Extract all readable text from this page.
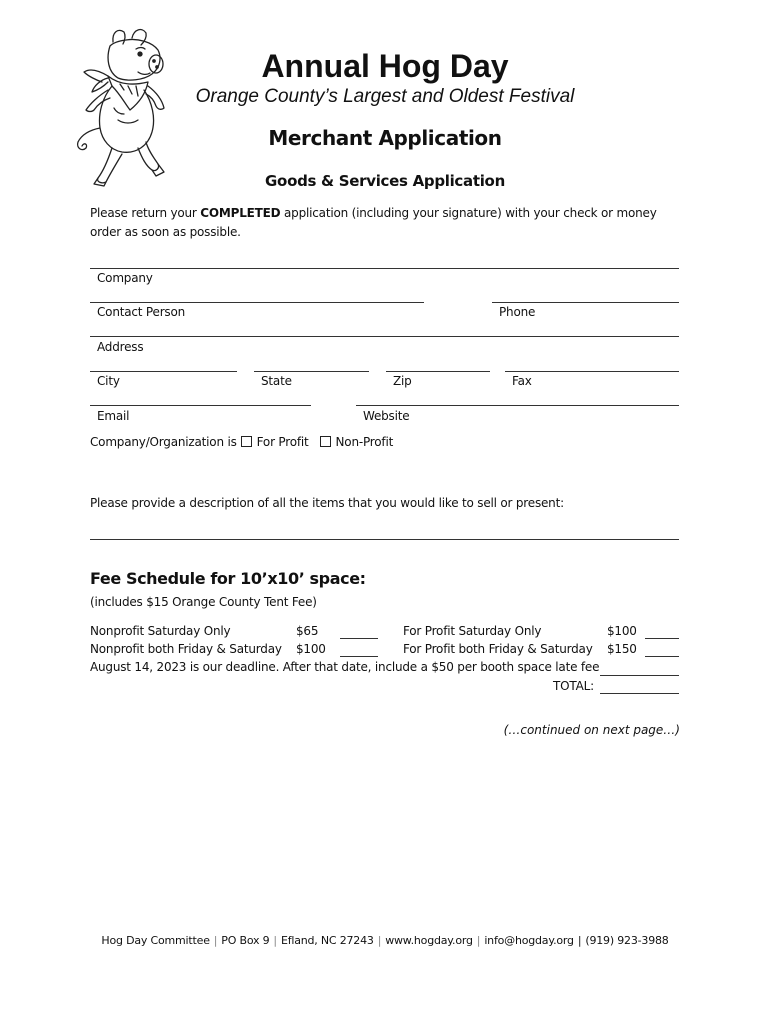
Annual Hog Day
Orange County’s Largest and Oldest Festival
Merchant Application
Goods & Services Application
Please return your COMPLETED application (including your signature) with your check or money order as soon as possible.
Company
Contact Person	Phone
Address
City	State	Zip	Fax
Email	Website
Company/Organization is For Profit Non-Profit
Please provide a description of all the items that you would like to sell or present:
Fee Schedule for 10’x10’ space:
(includes $15 Orange County Tent Fee)
Nonprofit Saturday Only	$65	For Profit Saturday Only	$100
Nonprofit both Friday & Saturday $100	For Profit both Friday & Saturday $150
August 14, 2023 is our deadline. After that date, include a $50 per booth space late fee
TOTAL:
(…continued on next page…)
Hog Day Committee | PO Box 9 | Efland, NC 27243 | www.hogday.org | info@hogday.org | (919) 923-3988
